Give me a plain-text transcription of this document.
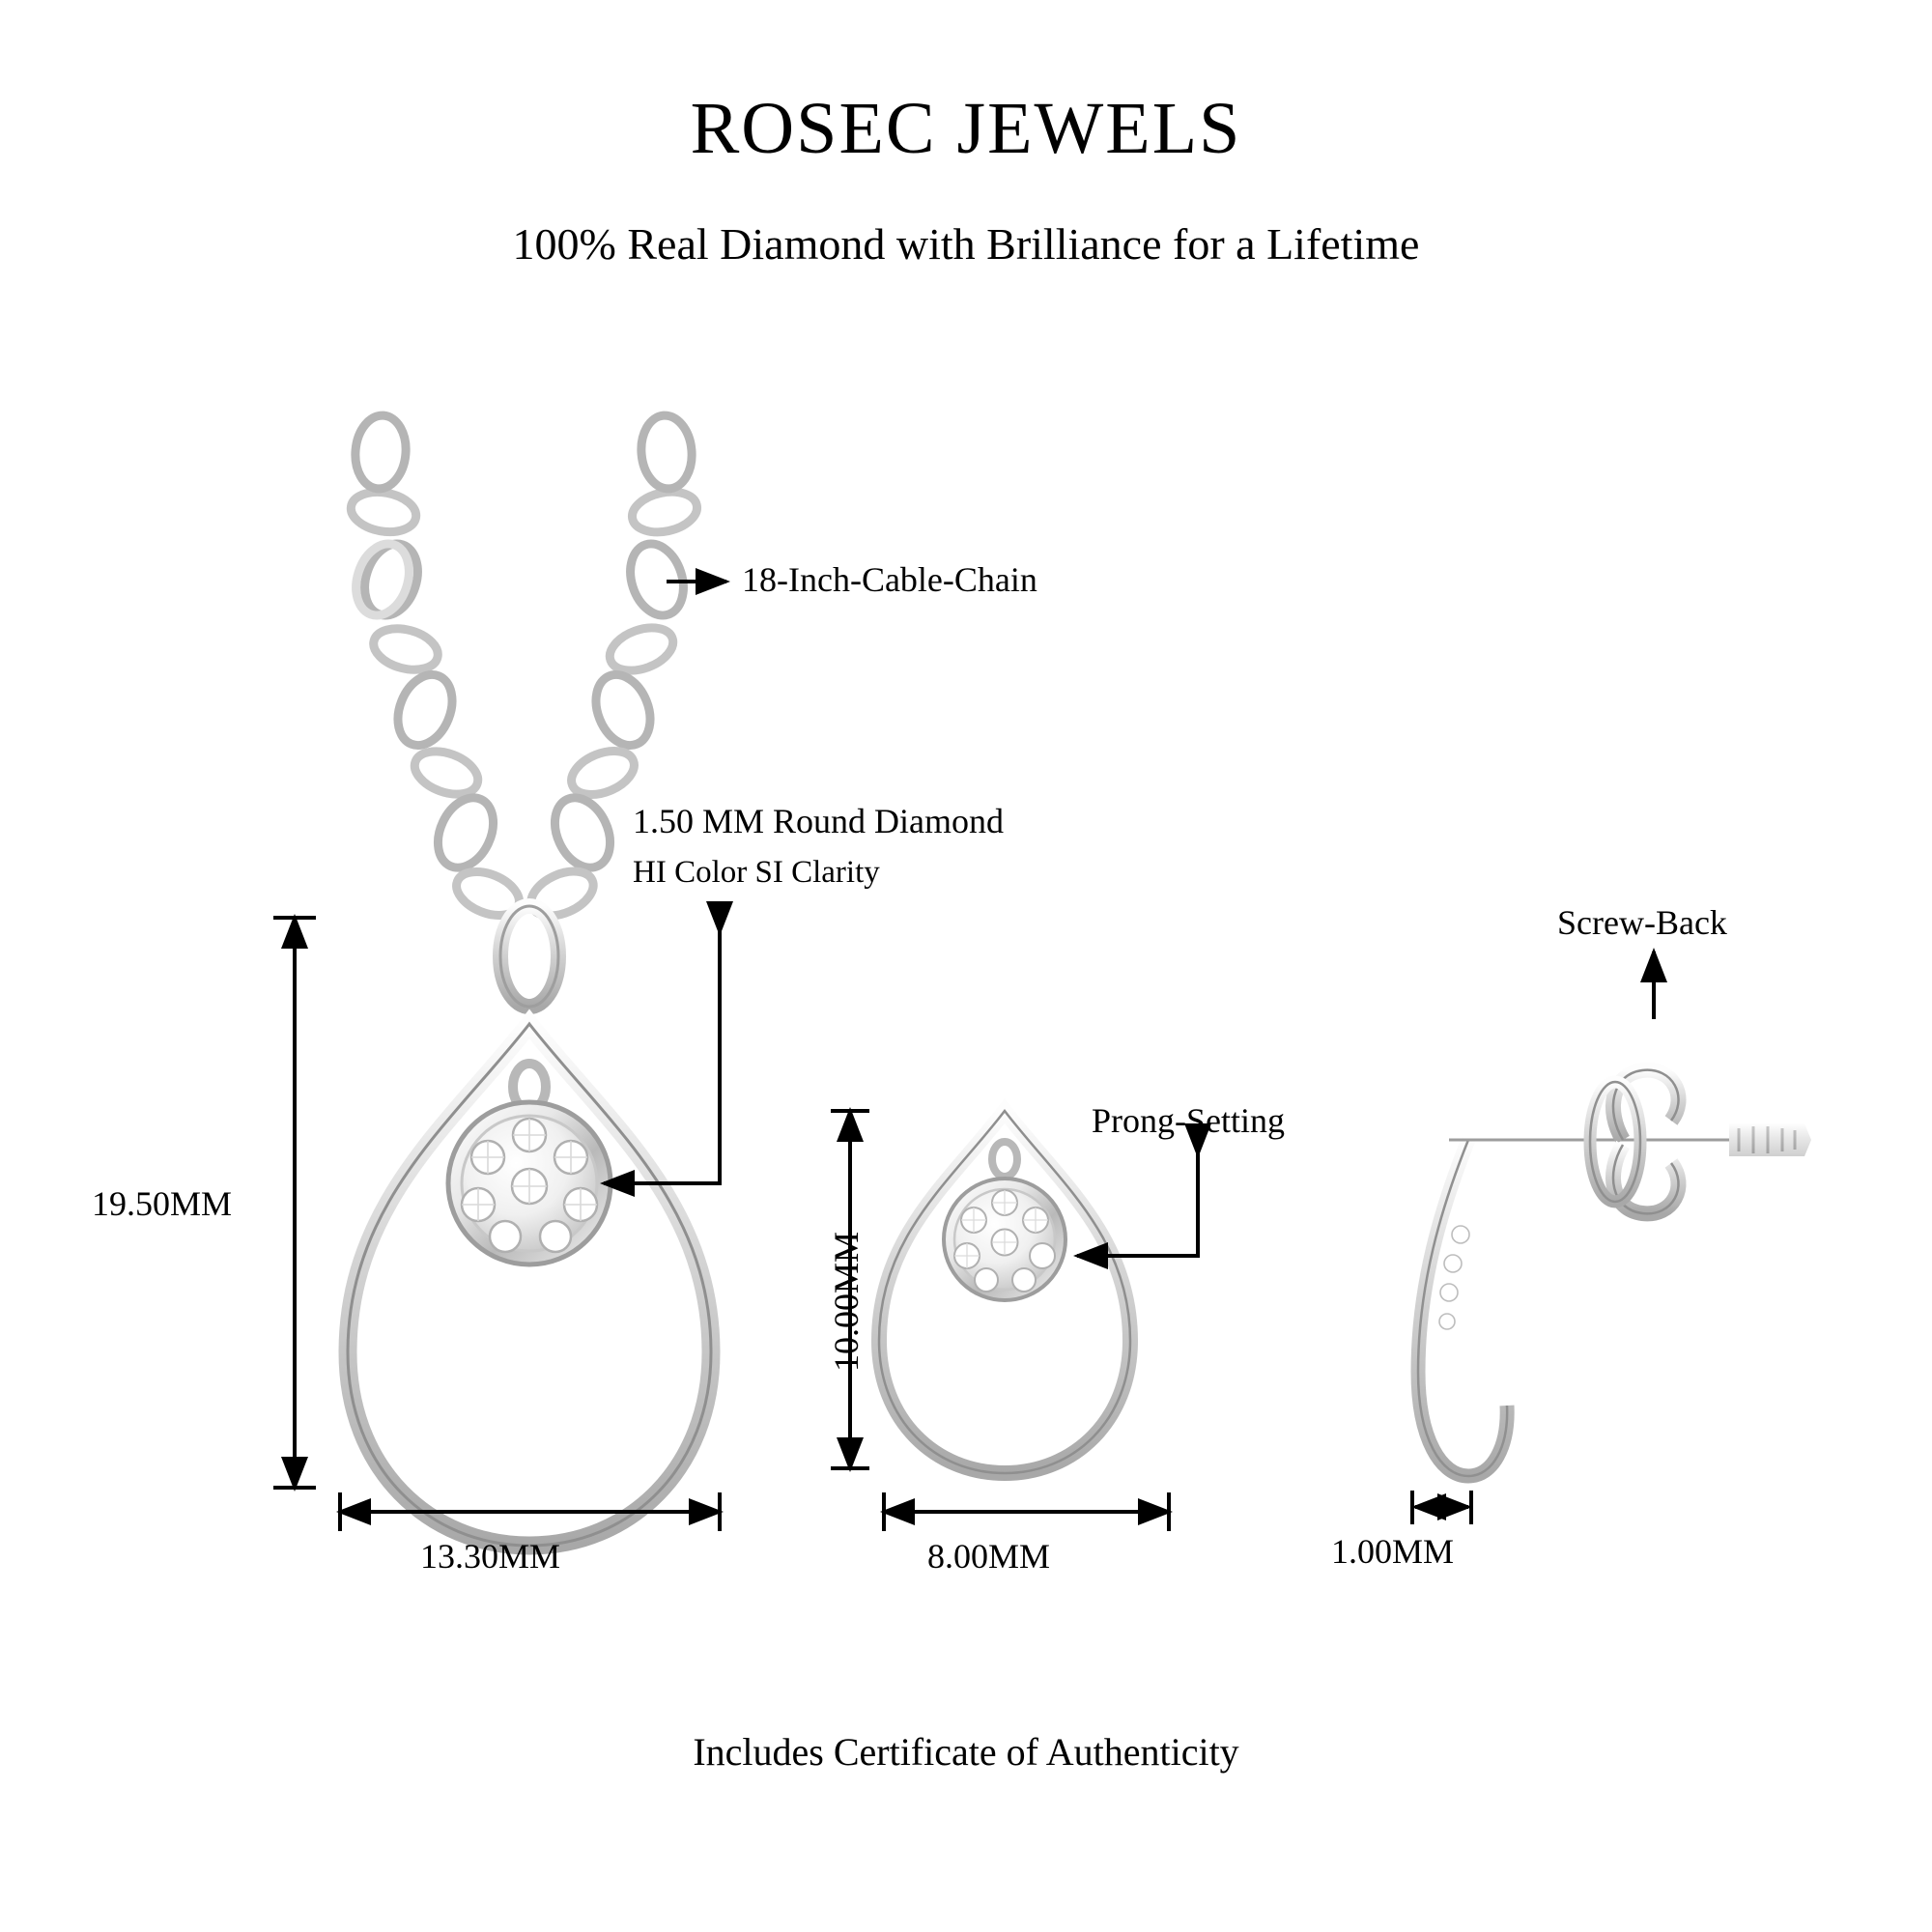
ROSEC JEWELS
100% Real Diamond with Brilliance for a Lifetime
18-Inch-Cable-Chain
1.50 MM Round Diamond
HI Color SI Clarity
Prong-Setting
Screw-Back
19.50MM
13.30MM
10.00MM
8.00MM	1.00MM
Includes Certificate of Authenticity
